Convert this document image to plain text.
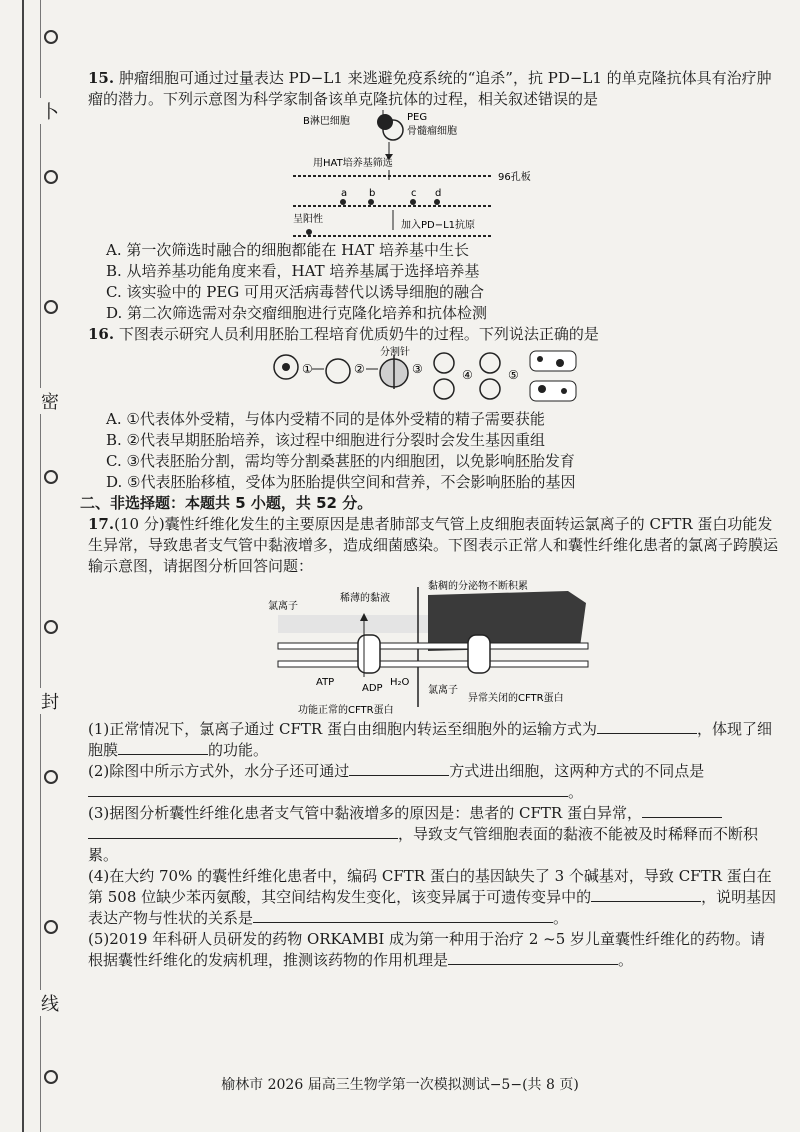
卜
密
封
线

15. 肿瘤细胞可通过过量表达 PD−L1 来逃避免疫系统的“追杀”，抗 PD−L1 的单克隆抗体具有治疗肿瘤的潜力。下列示意图为科学家制备该单克隆抗体的过程，相关叙述错误的是

B淋巴细胞	PEG
骨髓瘤细胞
用HAT培养基筛选
96孔板
a b	c d
呈阳性
加入PD−L1抗原

A. 第一次筛选时融合的细胞都能在 HAT 培养基中生长

B. 从培养基功能角度来看，HAT 培养基属于选择培养基

C. 该实验中的 PEG 可用灭活病毒替代以诱导细胞的融合

D. 第二次筛选需对杂交瘤细胞进行克隆化培养和抗体检测

16. 下图表示研究人员利用胚胎工程培育优质奶牛的过程。下列说法正确的是

①	②
分割针
③	④	⑤

A. ①代表体外受精，与体内受精不同的是体外受精的精子需要获能

B. ②代表早期胚胎培养，该过程中细胞进行分裂时会发生基因重组

C. ③代表胚胎分割，需均等分割桑葚胚的内细胞团，以免影响胚胎发育

D. ⑤代表胚胎移植，受体为胚胎提供空间和营养，不会影响胚胎的基因

二、非选择题：本题共 5 小题，共 52 分。

17.(10 分)囊性纤维化发生的主要原因是患者肺部支气管上皮细胞表面转运氯离子的 CFTR 蛋白功能发生异常，导致患者支气管中黏液增多，造成细菌感染。下图表示正常人和囊性纤维化患者的氯离子跨膜运输示意图，请据图分析回答问题：

黏稠的分泌物不断积累
稀薄的黏液
氯离子
ATP
ADP
H₂O
氯离子
功能正常的CFTR蛋白
异常关闭的CFTR蛋白

(1)正常情况下，氯离子通过 CFTR 蛋白由细胞内转运至细胞外的运输方式为	，体现了细胞膜	的功能。

(2)除图中所示方式外，水分子还可通过	方式进出细胞，这两种方式的不同点是
。

(3)据图分析囊性纤维化患者支气管中黏液增多的原因是：患者的 CFTR 蛋白异常，
，导致支气管细胞表面的黏液不能被及时稀释而不断积累。

(4)在大约 70% 的囊性纤维化患者中，编码 CFTR 蛋白的基因缺失了 3 个碱基对，导致 CFTR 蛋白在第 508 位缺少苯丙氨酸，其空间结构发生变化，该变异属于可遗传变异中的	，说明基因表达产物与性状的关系是	。

(5)2019 年科研人员研发的药物 ORKAMBI 成为第一种用于治疗 2 ~5 岁儿童囊性纤维化的药物。请根据囊性纤维化的发病机理，推测该药物的作用机理是	。

榆林市 2026 届高三生物学第一次模拟测试−5−(共 8 页)
